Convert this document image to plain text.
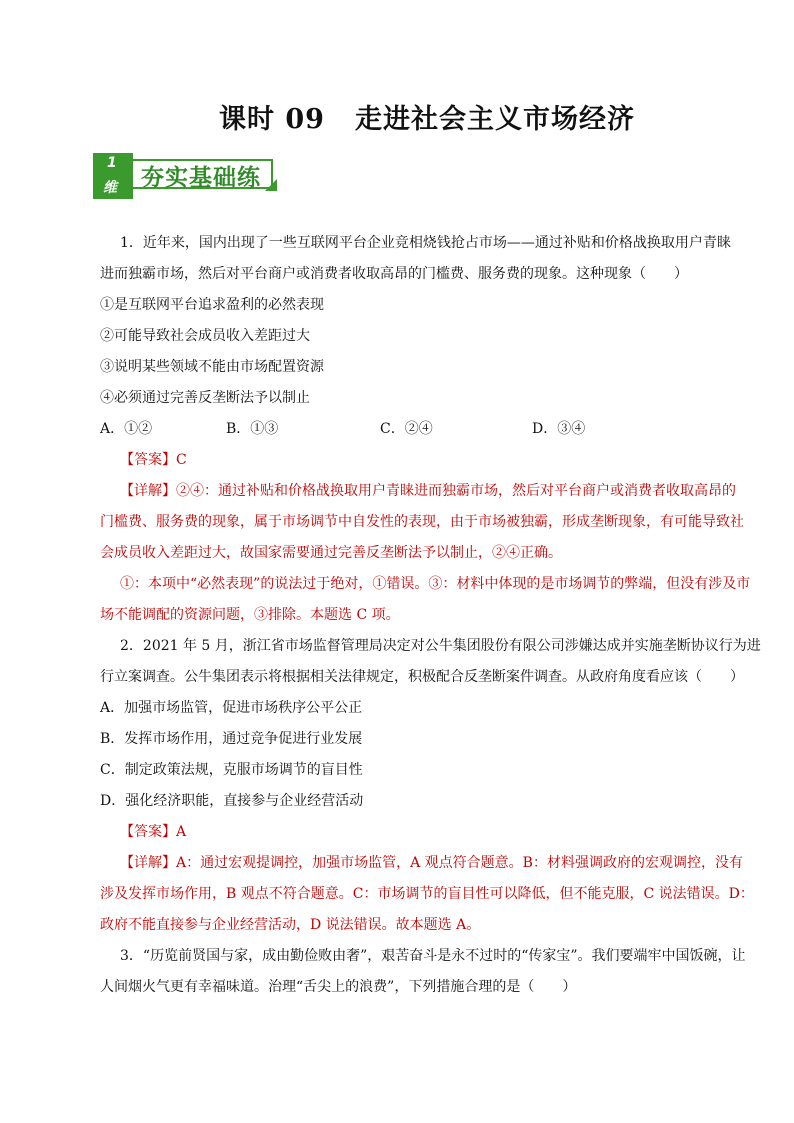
课时 09 走进社会主义市场经济
1
维 夯实基础练
1．近年来，国内出现了一些互联网平台企业竞相烧钱抢占市场——通过补贴和价格战换取用户青睐
进而独霸市场，然后对平台商户或消费者收取高昂的门槛费、服务费的现象。这种现象（　　）
①是互联网平台追求盈利的必然表现
②可能导致社会成员收入差距过大
③说明某些领域不能由市场配置资源
④必须通过完善反垄断法予以制止
A．①②	B．①③	C．②④	D．③④
【答案】C
【详解】②④：通过补贴和价格战换取用户青睐进而独霸市场，然后对平台商户或消费者收取高昂的
门槛费、服务费的现象，属于市场调节中自发性的表现，由于市场被独霸，形成垄断现象，有可能导致社
会成员收入差距过大，故国家需要通过完善反垄断法予以制止，②④正确。
①：本项中“必然表现”的说法过于绝对，①错误。③：材料中体现的是市场调节的弊端，但没有涉及市
场不能调配的资源问题，③排除。本题选 C 项。
2．2021 年 5 月，浙江省市场监督管理局决定对公牛集团股份有限公司涉嫌达成并实施垄断协议行为进
行立案调查。公牛集团表示将根据相关法律规定，积极配合反垄断案件调查。从政府角度看应该（　　）
A．加强市场监管，促进市场秩序公平公正
B．发挥市场作用，通过竞争促进行业发展
C．制定政策法规，克服市场调节的盲目性
D．强化经济职能，直接参与企业经营活动
【答案】A
【详解】A：通过宏观提调控，加强市场监管，A 观点符合题意。B：材料强调政府的宏观调控，没有
涉及发挥市场作用，B 观点不符合题意。C：市场调节的盲目性可以降低，但不能克服，C 说法错误。D：
政府不能直接参与企业经营活动，D 说法错误。故本题选 A。
3．“历览前贤国与家，成由勤俭败由奢”，艰苦奋斗是永不过时的“传家宝”。我们要端牢中国饭碗，让
人间烟火气更有幸福味道。治理“舌尖上的浪费”，下列措施合理的是（　　）
